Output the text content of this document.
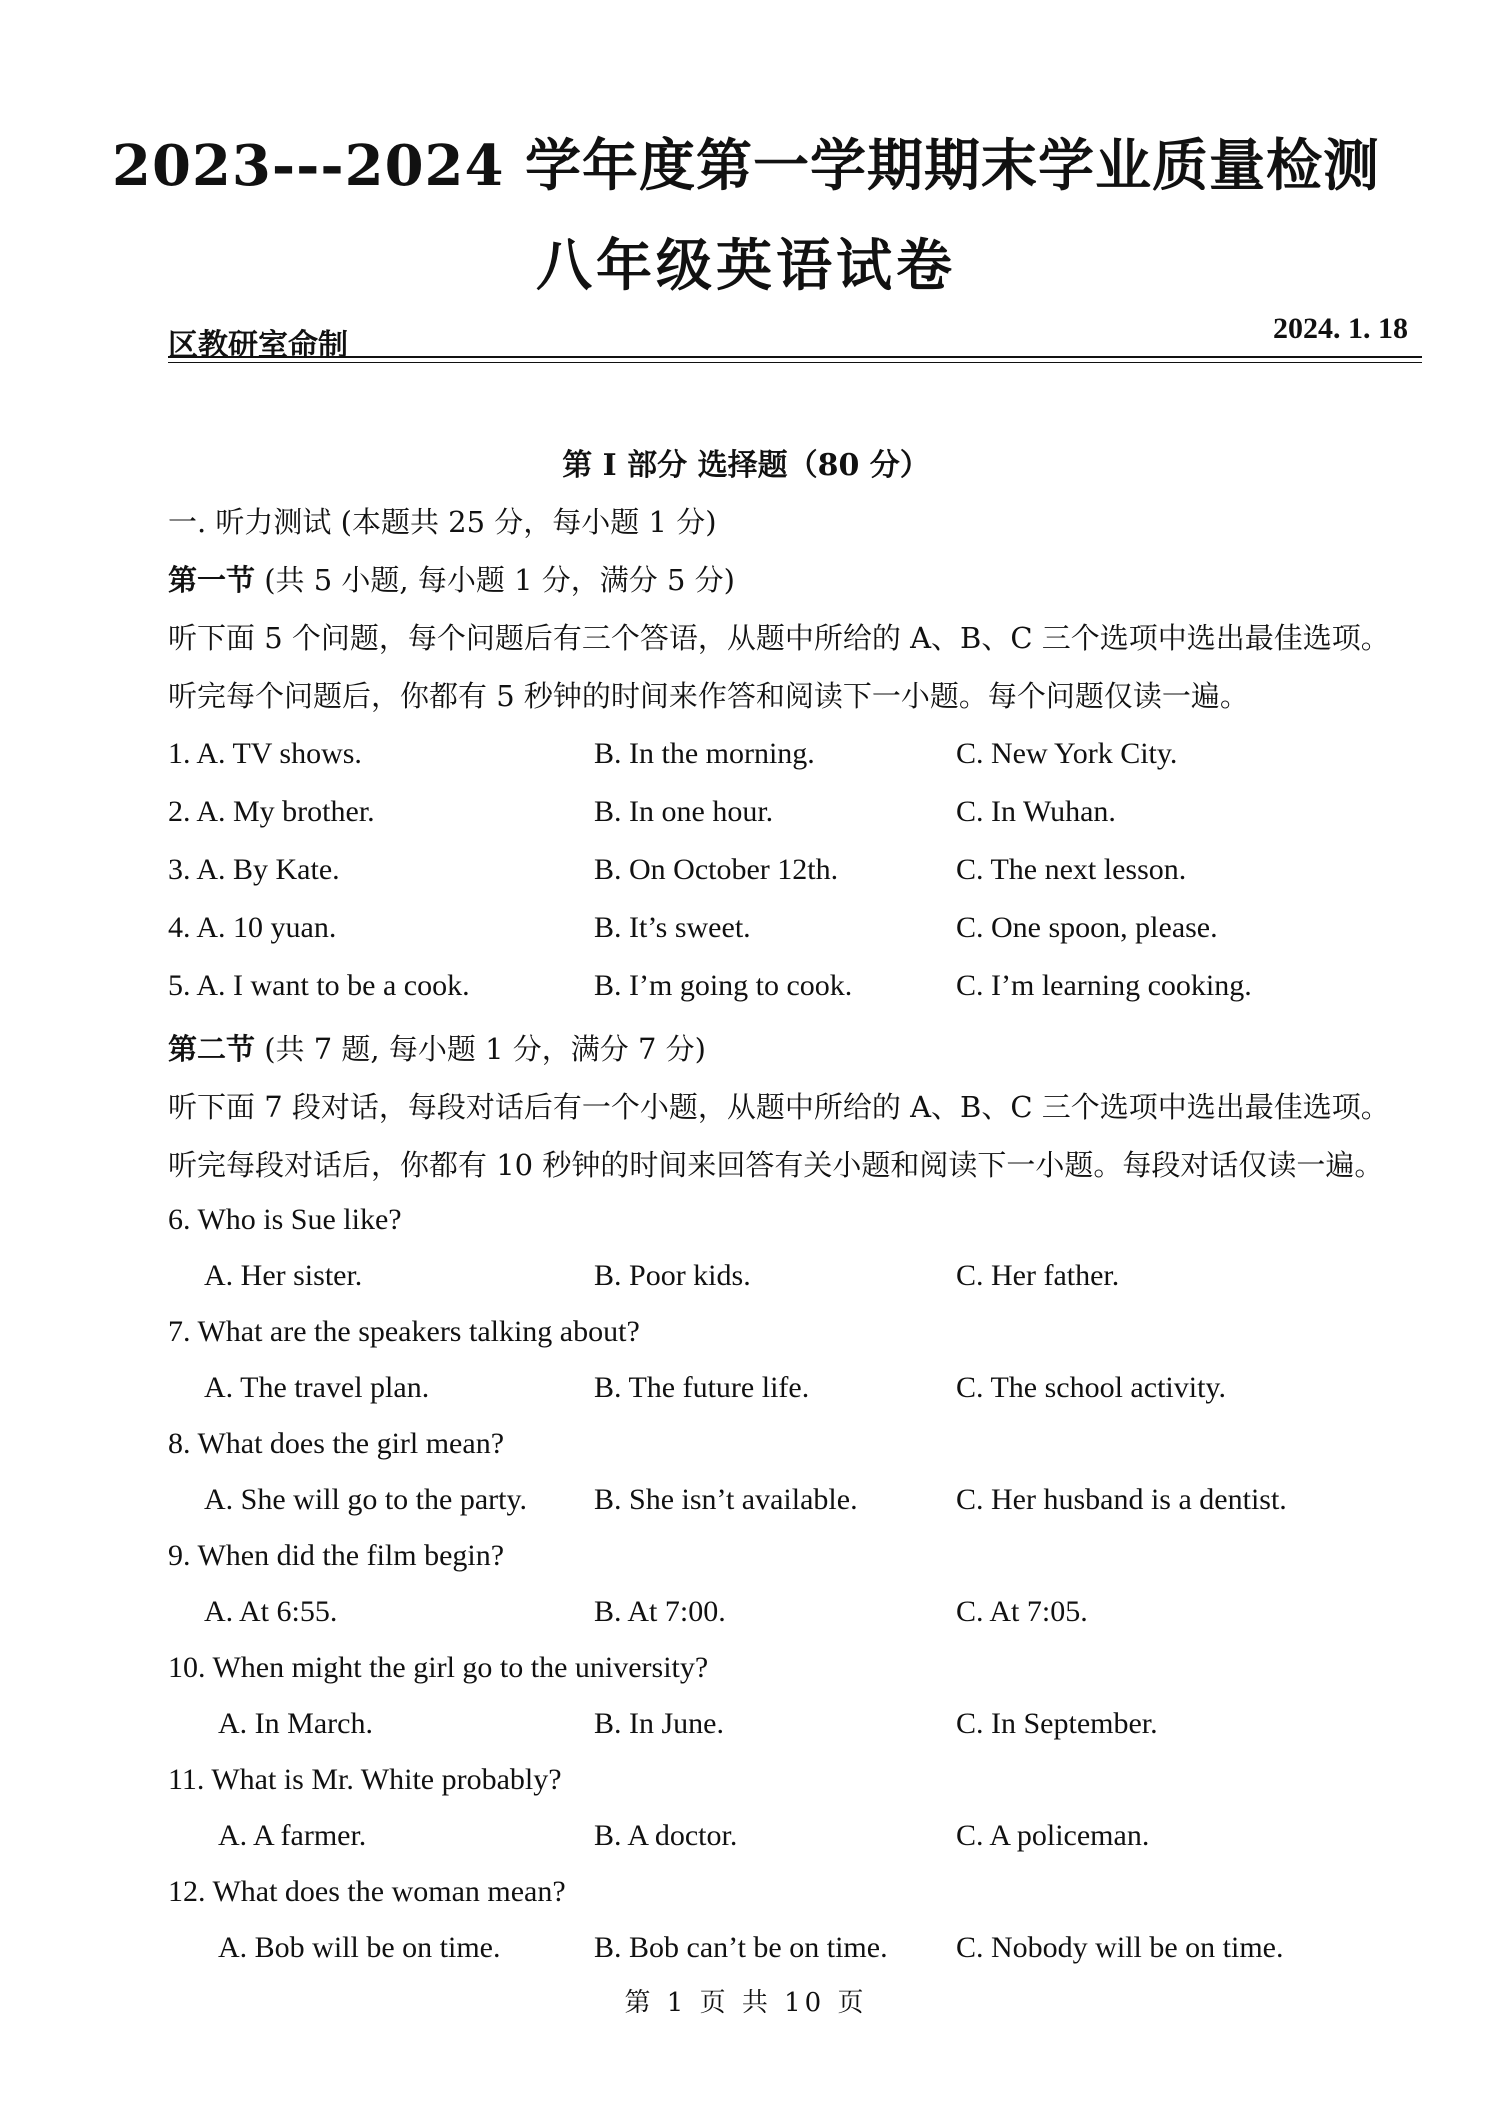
2023---2024 学年度第一学期期末学业质量检测
八年级英语试卷
区教研室命制	2024. 1. 18
第 I 部分 选择题（80 分）
一. 听力测试 (本题共 25 分，每小题 1 分)
第一节 (共 5 小题, 每小题 1 分，满分 5 分)
听下面 5 个问题，每个问题后有三个答语，从题中所给的 A、B、C 三个选项中选出最佳选项。
听完每个问题后，你都有 5 秒钟的时间来作答和阅读下一小题。每个问题仅读一遍。
1. A. TV shows.	B. In the morning.	C. New York City.
2. A. My brother.	B. In one hour.	C. In Wuhan.
3. A. By Kate.	B. On October 12th.	C. The next lesson.
4. A. 10 yuan.	B. It’s sweet.	C. One spoon, please.
5. A. I want to be a cook.	B. I’m going to cook.	C. I’m learning cooking.
第二节 (共 7 题, 每小题 1 分，满分 7 分)
听下面 7 段对话，每段对话后有一个小题，从题中所给的 A、B、C 三个选项中选出最佳选项。
听完每段对话后，你都有 10 秒钟的时间来回答有关小题和阅读下一小题。每段对话仅读一遍。
6. Who is Sue like?
A. Her sister.	B. Poor kids.	C. Her father.
7. What are the speakers talking about?
A. The travel plan.	B. The future life.	C. The school activity.
8. What does the girl mean?
A. She will go to the party. B. She isn’t available.	C. Her husband is a dentist.
9. When did the film begin?
A. At 6:55.	B. At 7:00.	C. At 7:05.
10. When might the girl go to the university?
A. In March.	B. In June.	C. In September.
11. What is Mr. White probably?
A. A farmer.	B. A doctor.	C. A policeman.
12. What does the woman mean?
A. Bob will be on time.	B. Bob can’t be on time. C. Nobody will be on time.
第 1 页 共 10 页
